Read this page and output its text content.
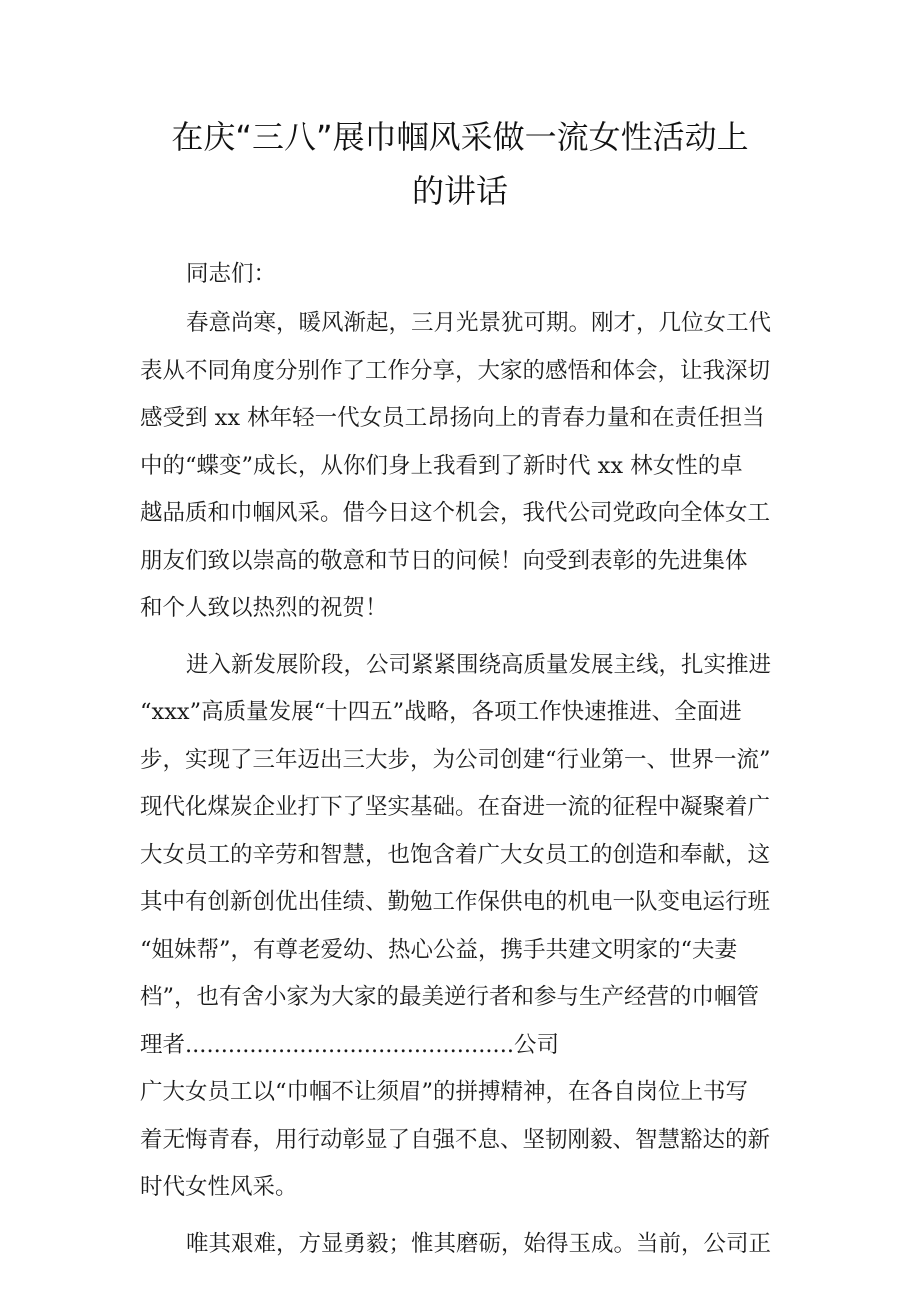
在庆“三八”展巾帼风采做一流女性活动上
的讲话
同志们：
春意尚寒，暖风渐起，三月光景犹可期。刚才，几位女工代
表从不同角度分别作了工作分享，大家的感悟和体会，让我深切
感受到 xx 林年轻一代女员工昂扬向上的青春力量和在责任担当
中的“蝶变”成长，从你们身上我看到了新时代 xx 林女性的卓
越品质和巾帼风采。借今日这个机会，我代公司党政向全体女工
朋友们致以崇高的敬意和节日的问候！向受到表彰的先进集体
和个人致以热烈的祝贺！
进入新发展阶段，公司紧紧围绕高质量发展主线，扎实推进
“xxx”高质量发展“十四五”战略，各项工作快速推进、全面进
步，实现了三年迈出三大步，为公司创建“行业第一、世界一流”
现代化煤炭企业打下了坚实基础。在奋进一流的征程中凝聚着广
大女员工的辛劳和智慧，也饱含着广大女员工的创造和奉献，这
其中有创新创优出佳绩、勤勉工作保供电的机电一队变电运行班
“姐妹帮”，有尊老爱幼、热心公益，携手共建文明家的“夫妻
档”，也有舍小家为大家的最美逆行者和参与生产经营的巾帼管
理者..............................................公司
广大女员工以“巾帼不让须眉”的拼搏精神，在各自岗位上书写
着无悔青春，用行动彰显了自强不息、坚韧刚毅、智慧豁达的新
时代女性风采。
唯其艰难，方显勇毅；惟其磨砺，始得玉成。当前，公司正
